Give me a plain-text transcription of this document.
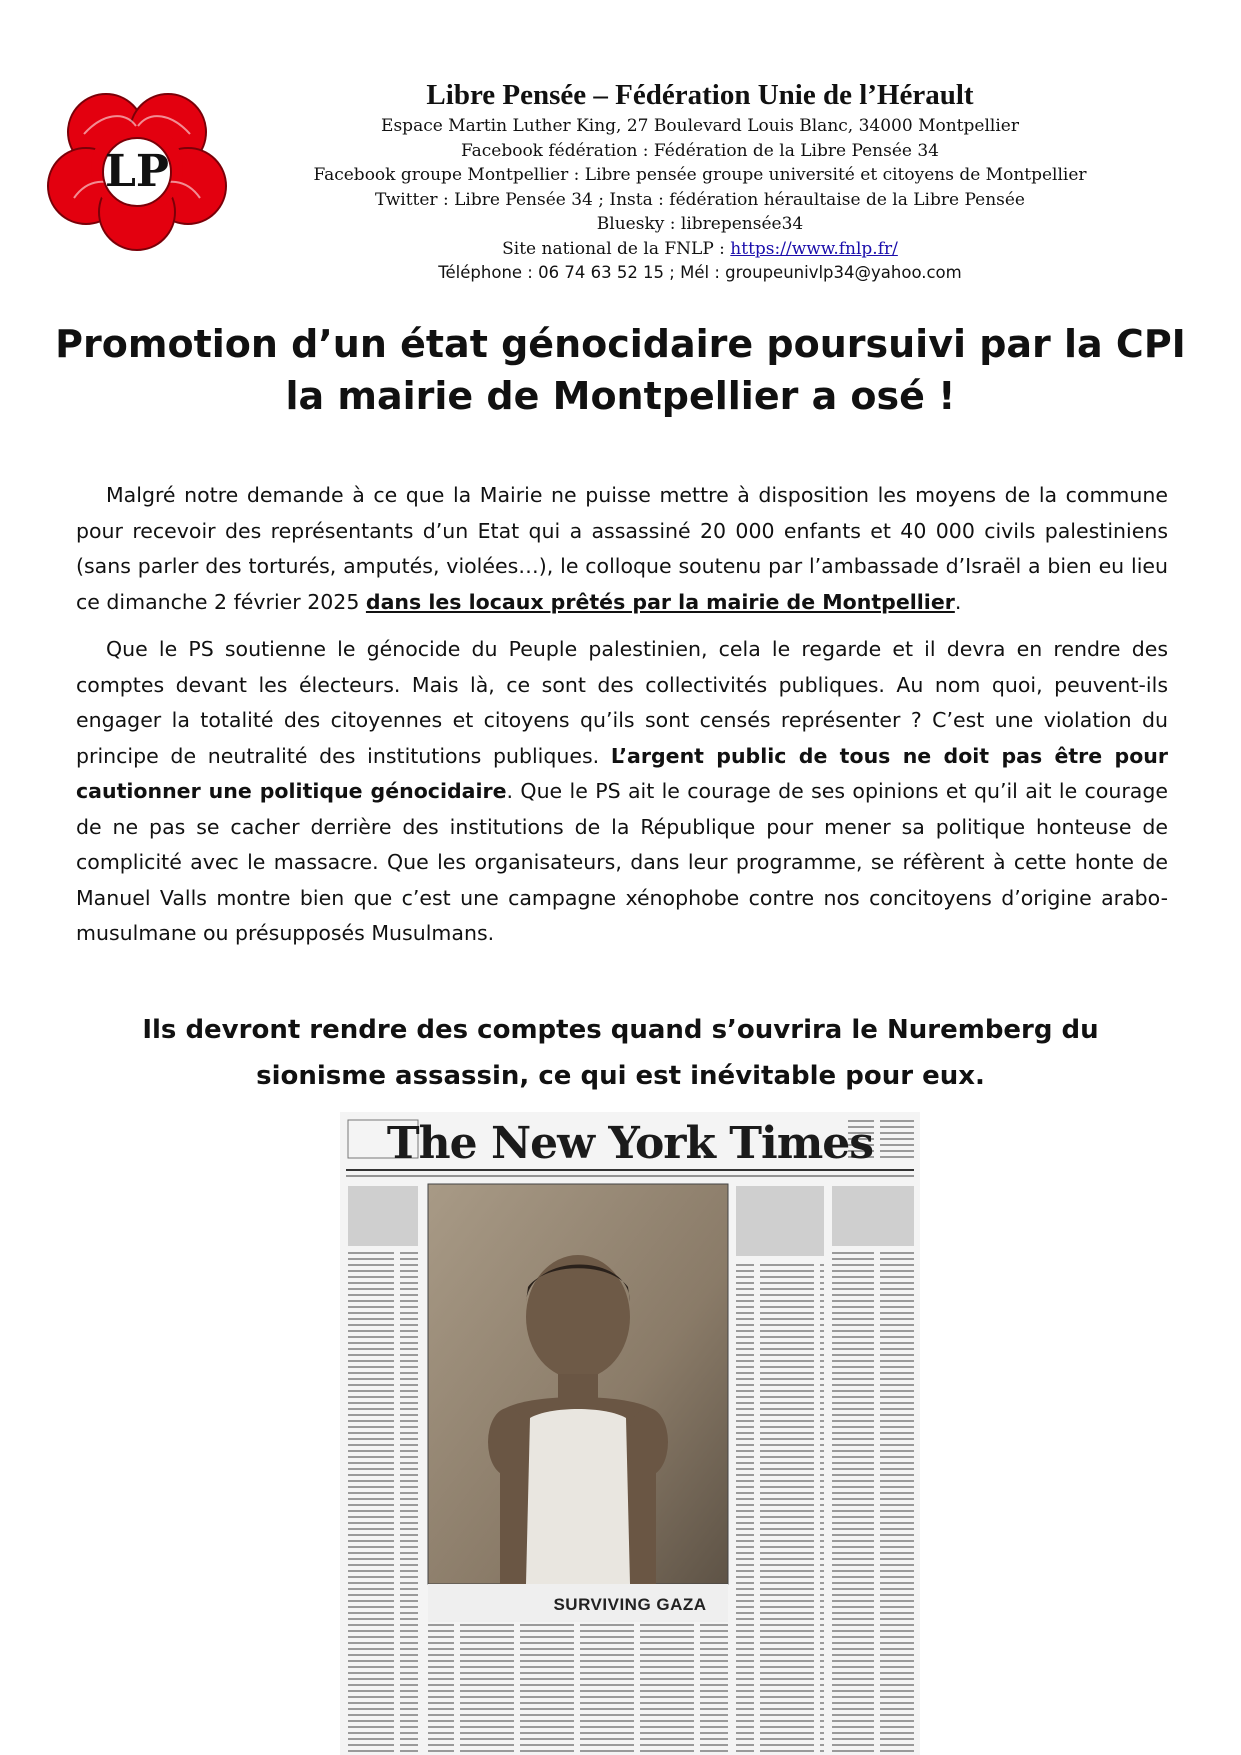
LP
Libre Pensée – Fédération Unie de l’Hérault
Espace Martin Luther King, 27 Boulevard Louis Blanc, 34000 Montpellier
Facebook fédération : Fédération de la Libre Pensée 34
Facebook groupe Montpellier : Libre pensée groupe université et citoyens de Montpellier
Twitter : Libre Pensée 34 ; Insta : fédération héraultaise de la Libre Pensée
Bluesky : librepensée34
Site national de la FNLP : https://www.fnlp.fr/
Téléphone : 06 74 63 52 15 ; Mél : groupeunivlp34@yahoo.com
Promotion d’un état génocidaire poursuivi par la CPI
la mairie de Montpellier a osé !

Malgré notre demande à ce que la Mairie ne puisse mettre à disposition les moyens de la commune pour recevoir des représentants d’un Etat qui a assassiné 20 000 enfants et 40 000 civils palestiniens (sans parler des torturés, amputés, violées…), le colloque soutenu par l’ambassade d’Israël a bien eu lieu ce dimanche 2 février 2025 dans les locaux prêtés par la mairie de Montpellier.

Que le PS soutienne le génocide du Peuple palestinien, cela le regarde et il devra en rendre des comptes devant les électeurs. Mais là, ce sont des collectivités publiques. Au nom quoi, peuvent-ils engager la totalité des citoyennes et citoyens qu’ils sont censés représenter ? C’est une violation du principe de neutralité des institutions publiques. L’argent public de tous ne doit pas être pour cautionner une politique génocidaire. Que le PS ait le courage de ses opinions et qu’il ait le courage de ne pas se cacher derrière des institutions de la République pour mener sa politique honteuse de complicité avec le massacre. Que les organisateurs, dans leur programme, se réfèrent à cette honte de Manuel Valls montre bien que c’est une campagne xénophobe contre nos concitoyens d’origine arabo-musulmane ou présupposés Musulmans.

Ils devront rendre des comptes quand s’ouvrira le Nuremberg du
sionisme assassin, ce qui est inévitable pour eux.
The New York Times
SURVIVING GAZA
